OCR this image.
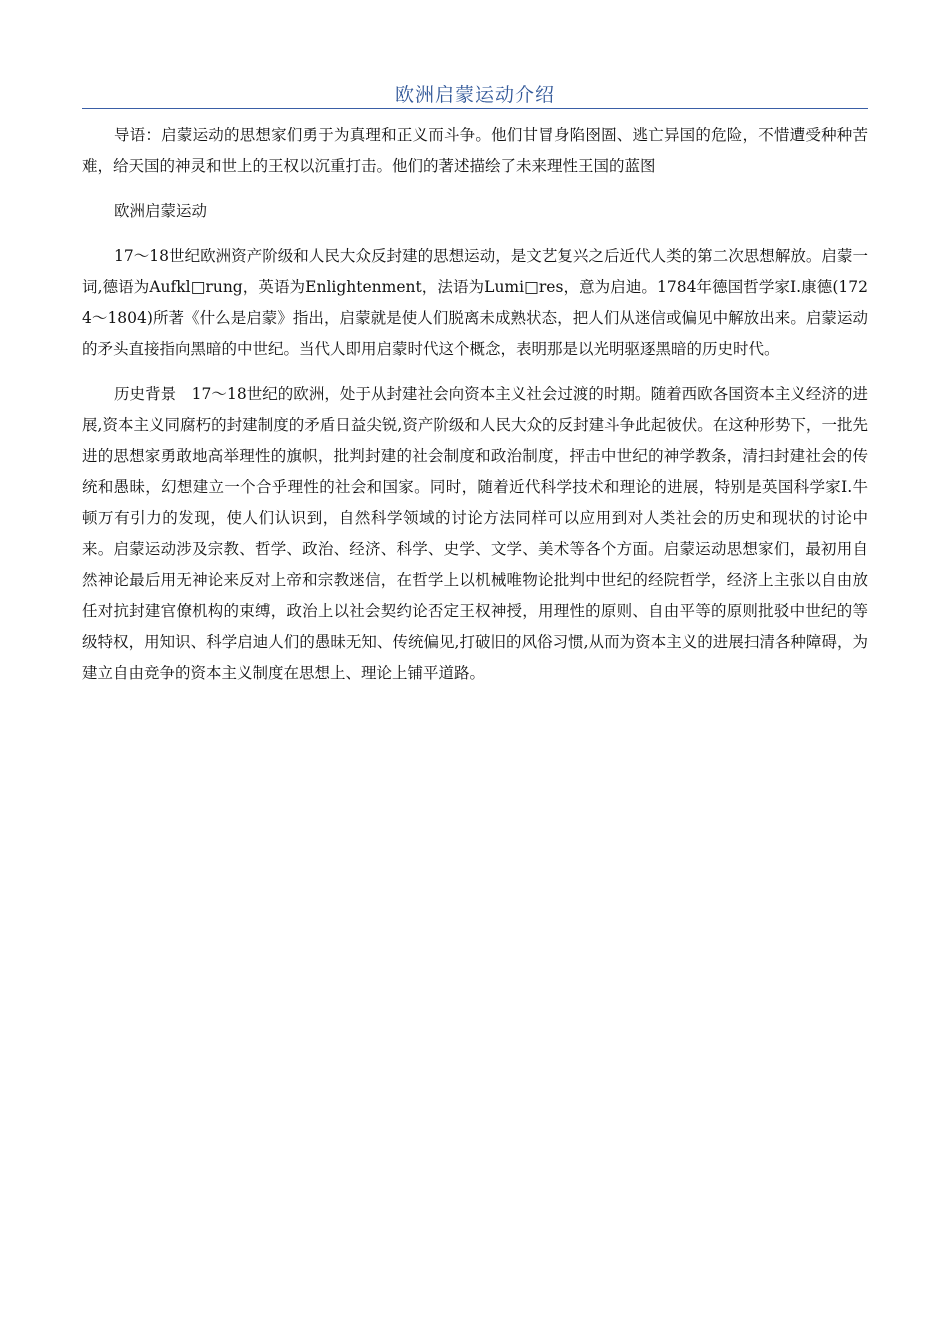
欧洲启蒙运动介绍

导语：启蒙运动的思想家们勇于为真理和正义而斗争。他们甘冒身陷囹圄、逃亡异国的危险，不惜遭受种种苦难，给天国的神灵和世上的王权以沉重打击。他们的著述描绘了未来理性王国的蓝图

欧洲启蒙运动

17～18世纪欧洲资产阶级和人民大众反封建的思想运动，是文艺复兴之后近代人类的第二次思想解放。启蒙一词,德语为Aufkl□rung，英语为Enlightenment，法语为Lumi□res，意为启迪。1784年德国哲学家I.康德(1724～1804)所著《什么是启蒙》指出，启蒙就是使人们脱离未成熟状态，把人们从迷信或偏见中解放出来。启蒙运动的矛头直接指向黑暗的中世纪。当代人即用启蒙时代这个概念，表明那是以光明驱逐黑暗的历史时代。

历史背景　17～18世纪的欧洲，处于从封建社会向资本主义社会过渡的时期。随着西欧各国资本主义经济的进展,资本主义同腐朽的封建制度的矛盾日益尖锐,资产阶级和人民大众的反封建斗争此起彼伏。在这种形势下，一批先进的思想家勇敢地高举理性的旗帜，批判封建的社会制度和政治制度，抨击中世纪的神学教条，清扫封建社会的传统和愚昧，幻想建立一个合乎理性的社会和国家。同时，随着近代科学技术和理论的进展，特别是英国科学家I.牛顿万有引力的发现，使人们认识到，自然科学领域的讨论方法同样可以应用到对人类社会的历史和现状的讨论中来。启蒙运动涉及宗教、哲学、政治、经济、科学、史学、文学、美术等各个方面。启蒙运动思想家们，最初用自然神论最后用无神论来反对上帝和宗教迷信，在哲学上以机械唯物论批判中世纪的经院哲学，经济上主张以自由放任对抗封建官僚机构的束缚，政治上以社会契约论否定王权神授，用理性的原则、自由平等的原则批驳中世纪的等级特权，用知识、科学启迪人们的愚昧无知、传统偏见,打破旧的风俗习惯,从而为资本主义的进展扫清各种障碍，为建立自由竞争的资本主义制度在思想上、理论上铺平道路。
